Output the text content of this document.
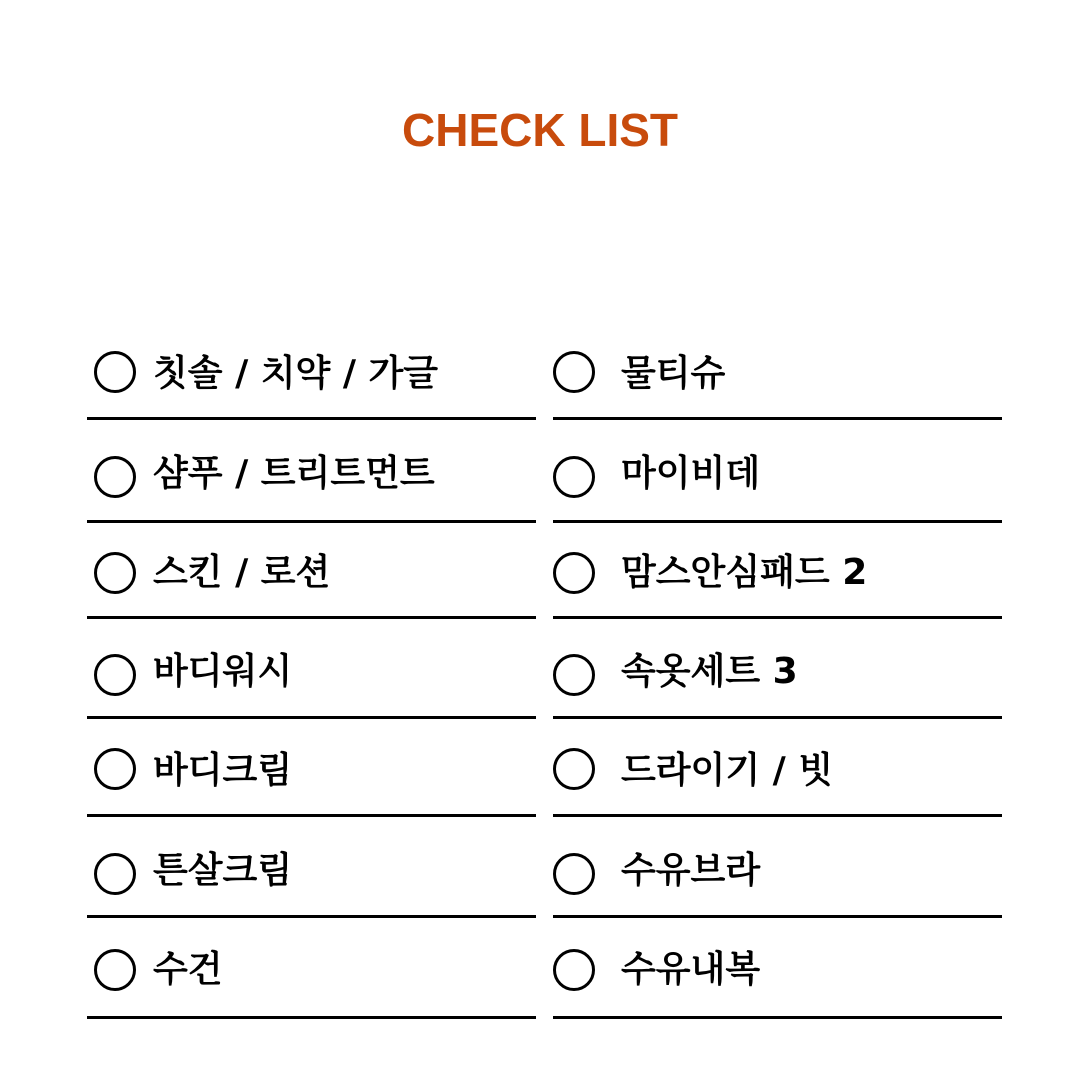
CHECK LIST
칫솔 / 치약 / 가글
샴푸 / 트리트먼트
스킨 / 로션
바디워시
바디크림
튼살크림
수건
물티슈
마이비데
맘스안심패드 2
속옷세트 3
드라이기 / 빗
수유브라
수유내복
